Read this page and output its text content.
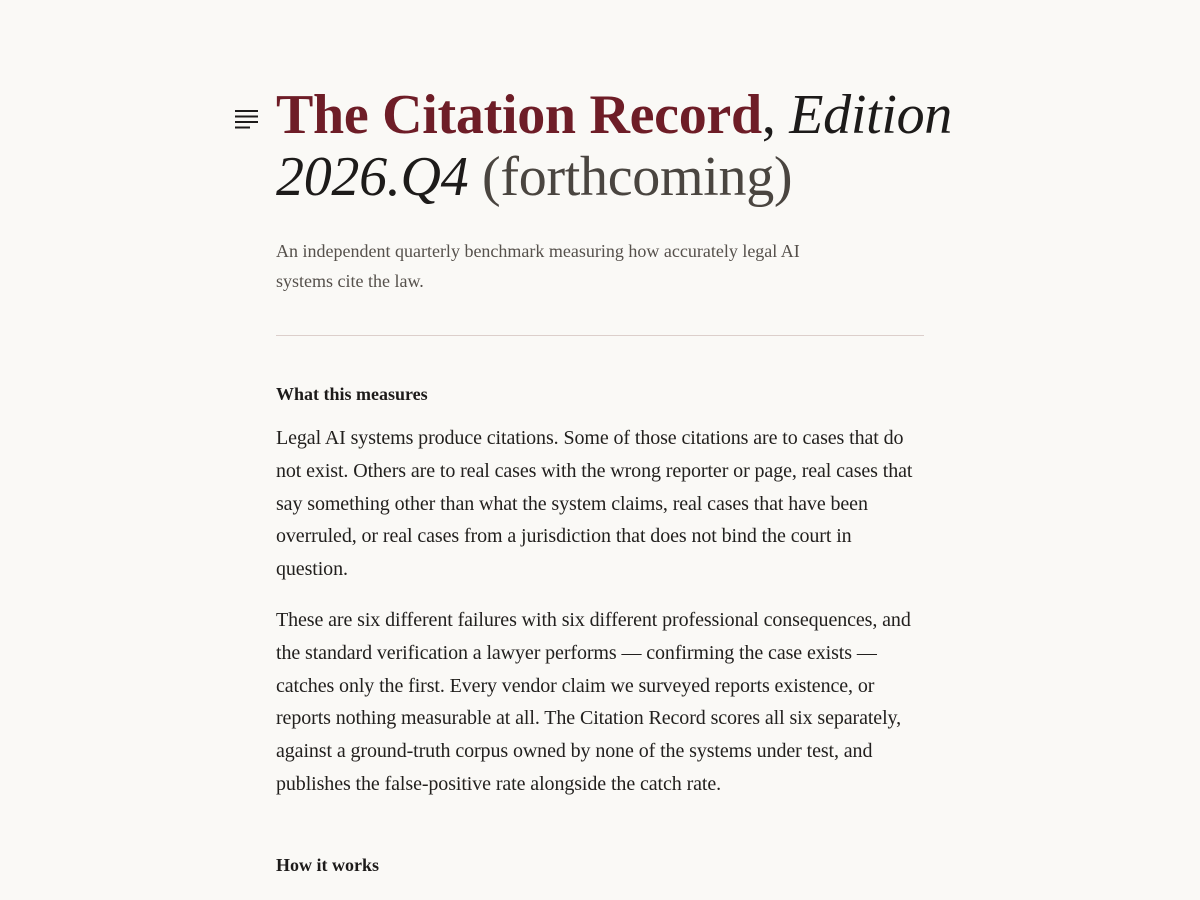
The Citation Record, Edition
2026.Q4 (forthcoming)

An independent quarterly benchmark measuring how accurately legal AI systems cite the law.

What this measures

Legal AI systems produce citations. Some of those citations are to cases that do not exist. Others are to real cases with the wrong reporter or page, real cases that say something other than what the system claims, real cases that have been overruled, or real cases from a jurisdiction that does not bind the court in question.

These are six different failures with six different professional consequences, and the standard verification a lawyer performs — confirming the case exists — catches only the first. Every vendor claim we surveyed reports existence, or reports nothing measurable at all. The Citation Record scores all six separately, against a ground-truth corpus owned by none of the systems under test, and publishes the false-positive rate alongside the catch rate.

How it works
